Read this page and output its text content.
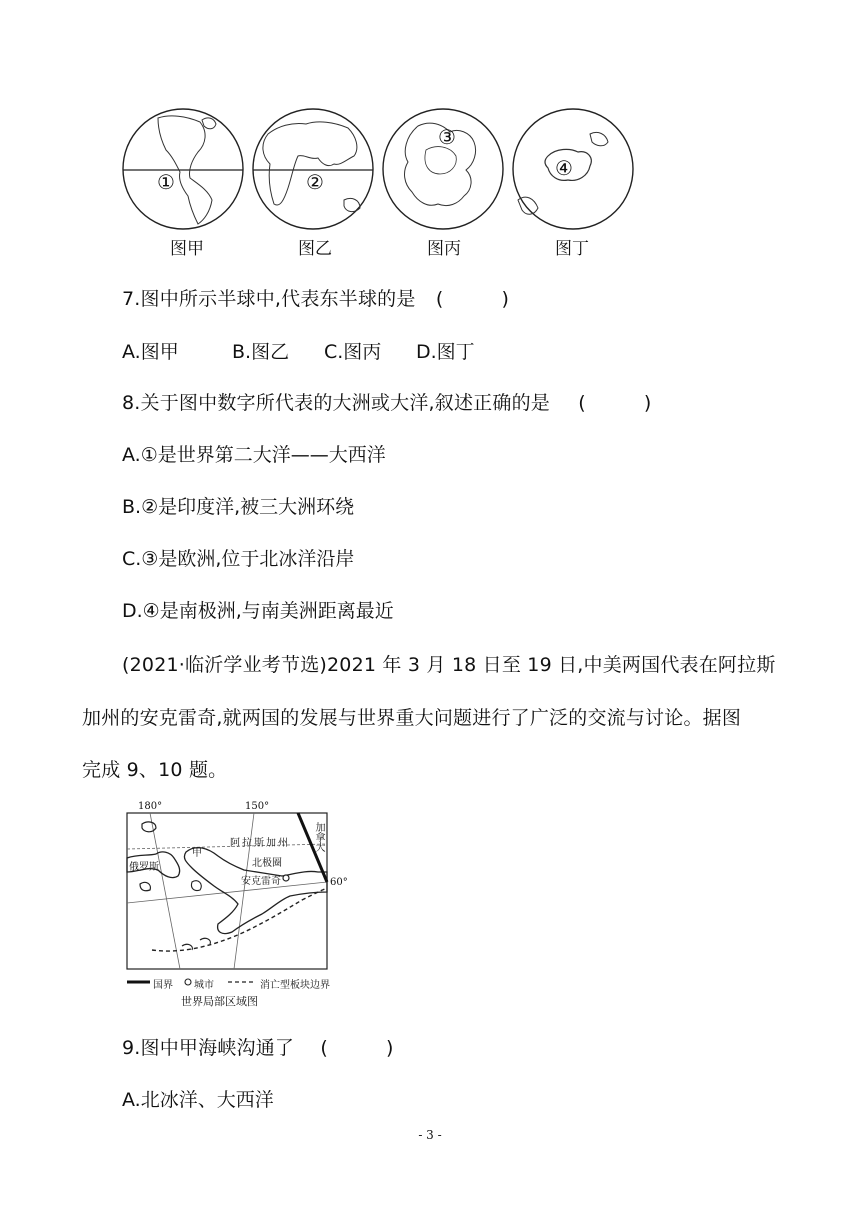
①	②
③
④
图甲	图乙	图丙	图丁
7.图中所示半球中,代表东半球的是 (	)
A.图甲	B.图乙 C.图丙 D.图丁
8.关于图中数字所代表的大洲或大洋,叙述正确的是 (	)
A.①是世界第二大洋——大西洋
B.②是印度洋,被三大洲环绕
C.③是欧洲,位于北冰洋沿岸
D.④是南极洲,与南美洲距离最近
(2021·临沂学业考节选)2021 年 3 月 18 日至 19 日,中美两国代表在阿拉斯
加州的安克雷奇,就两国的发展与世界重大问题进行了广泛的交流与讨论。据图
完成 9、10 题。
180°	150°
60°
甲
阿拉斯加州
北极圈
安克雷奇
俄罗斯
加拿大
国界 城市	消亡型板块边界
世界局部区域图
9.图中甲海峡沟通了 (	)
A.北冰洋、大西洋
- 3 -
